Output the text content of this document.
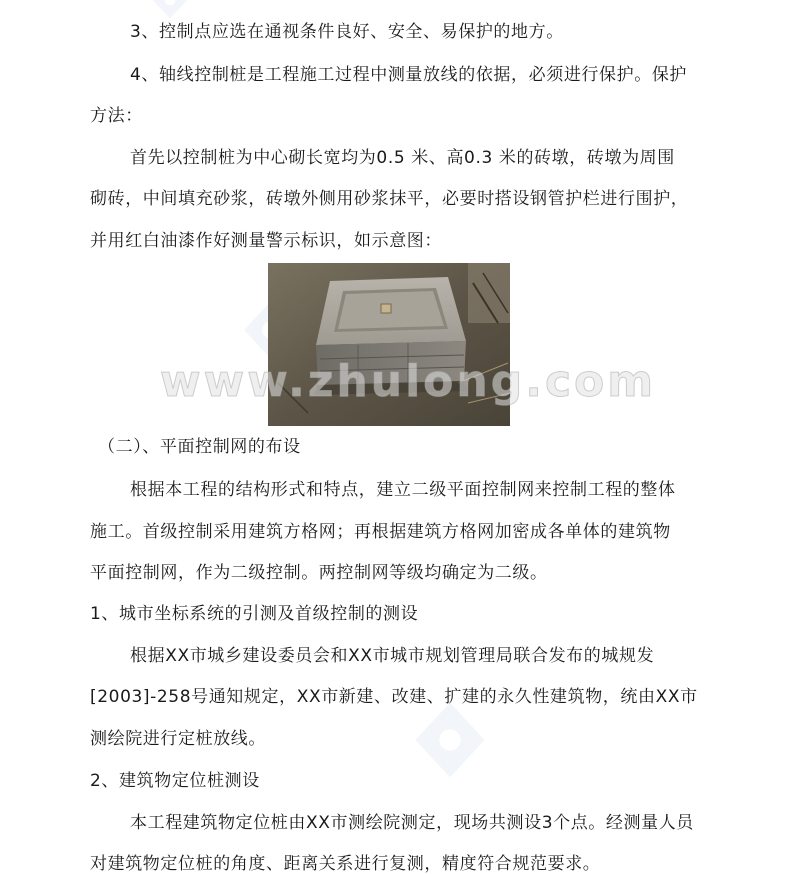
3、控制点应选在通视条件良好、安全、易保护的地方。
4、轴线控制桩是工程施工过程中测量放线的依据，必须进行保护。保护
方法：
首先以控制桩为中心砌长宽均为0.5 米、高0.3 米的砖墩，砖墩为周围
砌砖，中间填充砂浆，砖墩外侧用砂浆抹平，必要时搭设钢管护栏进行围护，
并用红白油漆作好测量警示标识，如示意图：
www.zhulong.com
（二）、平面控制网的布设
根据本工程的结构形式和特点，建立二级平面控制网来控制工程的整体
施工。首级控制采用建筑方格网；再根据建筑方格网加密成各单体的建筑物
平面控制网，作为二级控制。两控制网等级均确定为二级。
1、城市坐标系统的引测及首级控制的测设
根据XX市城乡建设委员会和XX市城市规划管理局联合发布的城规发
[2003]-258号通知规定，XX市新建、改建、扩建的永久性建筑物，统由XX市
测绘院进行定桩放线。
2、建筑物定位桩测设
本工程建筑物定位桩由XX市测绘院测定，现场共测设3个点。经测量人员
对建筑物定位桩的角度、距离关系进行复测，精度符合规范要求。
